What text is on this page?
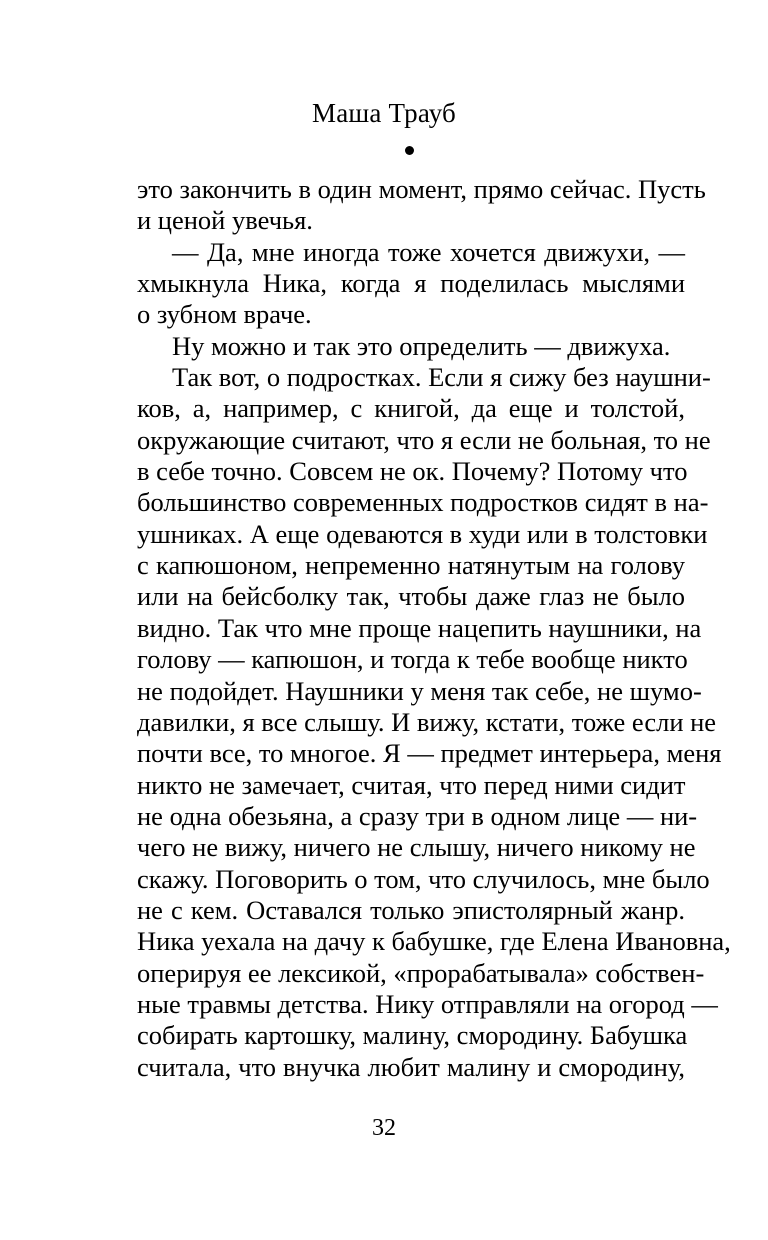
Маша Трауб
это закончить в один момент, прямо сейчас. Пусть
и ценой увечья.
— Да, мне иногда тоже хочется движухи, —
хмыкнула Ника, когда я поделилась мыслями
о зубном враче.
Ну можно и так это определить — движуха.
Так вот, о подростках. Если я сижу без наушни-
ков, а, например, с книгой, да еще и толстой,
окружающие считают, что я если не больная, то не
в себе точно. Совсем не ок. Почему? Потому что
большинство современных подростков сидят в на-
ушниках. А еще одеваются в худи или в толстовки
с капюшоном, непременно натянутым на голову
или на бейсболку так, чтобы даже глаз не было
видно. Так что мне проще нацепить наушники, на
голову — капюшон, и тогда к тебе вообще никто
не подойдет. Наушники у меня так себе, не шумо-
давилки, я все слышу. И вижу, кстати, тоже если не
почти все, то многое. Я — предмет интерьера, меня
никто не замечает, считая, что перед ними сидит
не одна обезьяна, а сразу три в одном лице — ни-
чего не вижу, ничего не слышу, ничего никому не
скажу. Поговорить о том, что случилось, мне было
не с кем. Оставался только эпистолярный жанр.
Ника уехала на дачу к бабушке, где Елена Ивановна,
оперируя ее лексикой, «прорабатывала» собствен-
ные травмы детства. Нику отправляли на огород —
собирать картошку, малину, смородину. Бабушка
считала, что внучка любит малину и смородину,
32
